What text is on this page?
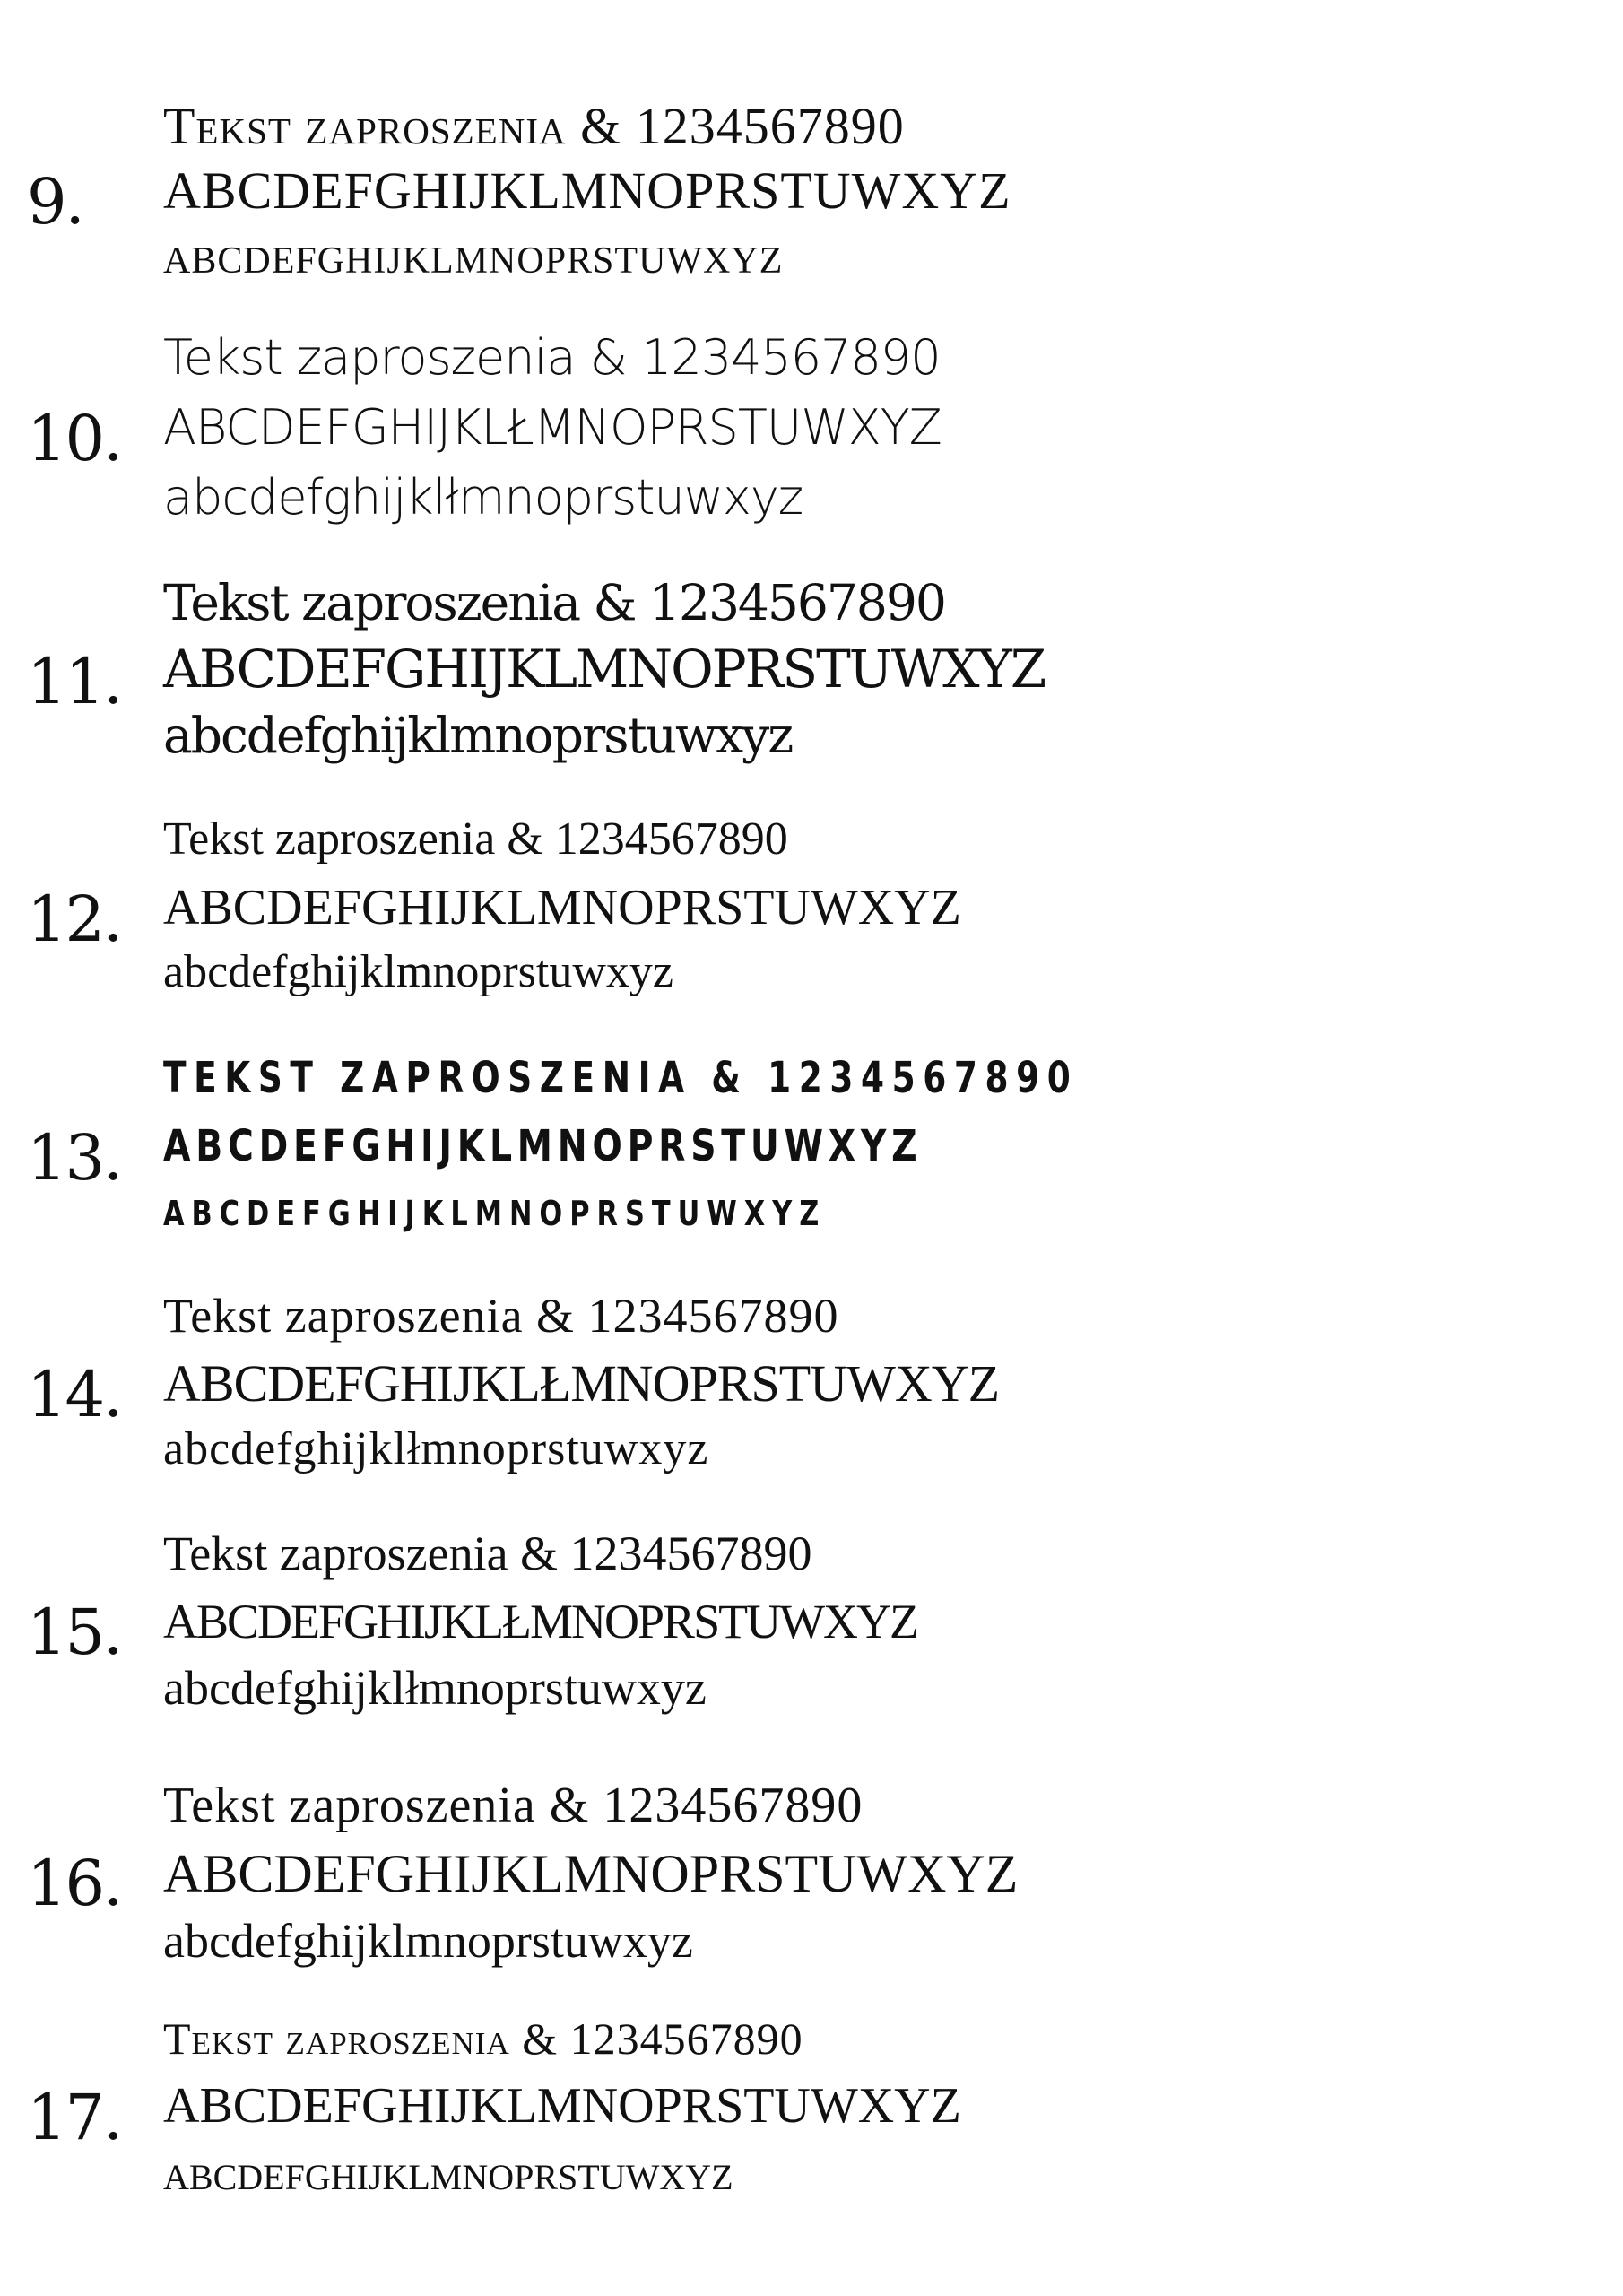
9.
Tekst zaproszenia & 1234567890
ABCDEFGHIJKLMNOPRSTUWXYZ
ABCDEFGHIJKLMNOPRSTUWXYZ
10.
Tekst zaproszenia & 1234567890
ABCDEFGHIJKLŁMNOPRSTUWXYZ
abcdefghijklłmnoprstuwxyz
11.
Tekst zaproszenia & 1234567890
ABCDEFGHIJKLMNOPRSTUWXYZ
abcdefghijklmnoprstuwxyz
12.
Tekst zaproszenia & 1234567890
ABCDEFGHIJKLMNOPRSTUWXYZ
abcdefghijklmnoprstuwxyz
13.
TEKST ZAPROSZENIA & 1234567890
ABCDEFGHIJKLMNOPRSTUWXYZ
ABCDEFGHIJKLMNOPRSTUWXYZ
14.
Tekst zaproszenia & 1234567890
ABCDEFGHIJKLŁMNOPRSTUWXYZ
abcdefghijklłmnoprstuwxyz
15.
Tekst zaproszenia & 1234567890
ABCDEFGHIJKLŁMNOPRSTUWXYZ
abcdefghijklłmnoprstuwxyz
16.
Tekst zaproszenia & 1234567890
ABCDEFGHIJKLMNOPRSTUWXYZ
abcdefghijklmnoprstuwxyz
17.
Tekst zaproszenia & 1234567890
ABCDEFGHIJKLMNOPRSTUWXYZ
ABCDEFGHIJKLMNOPRSTUWXYZ
